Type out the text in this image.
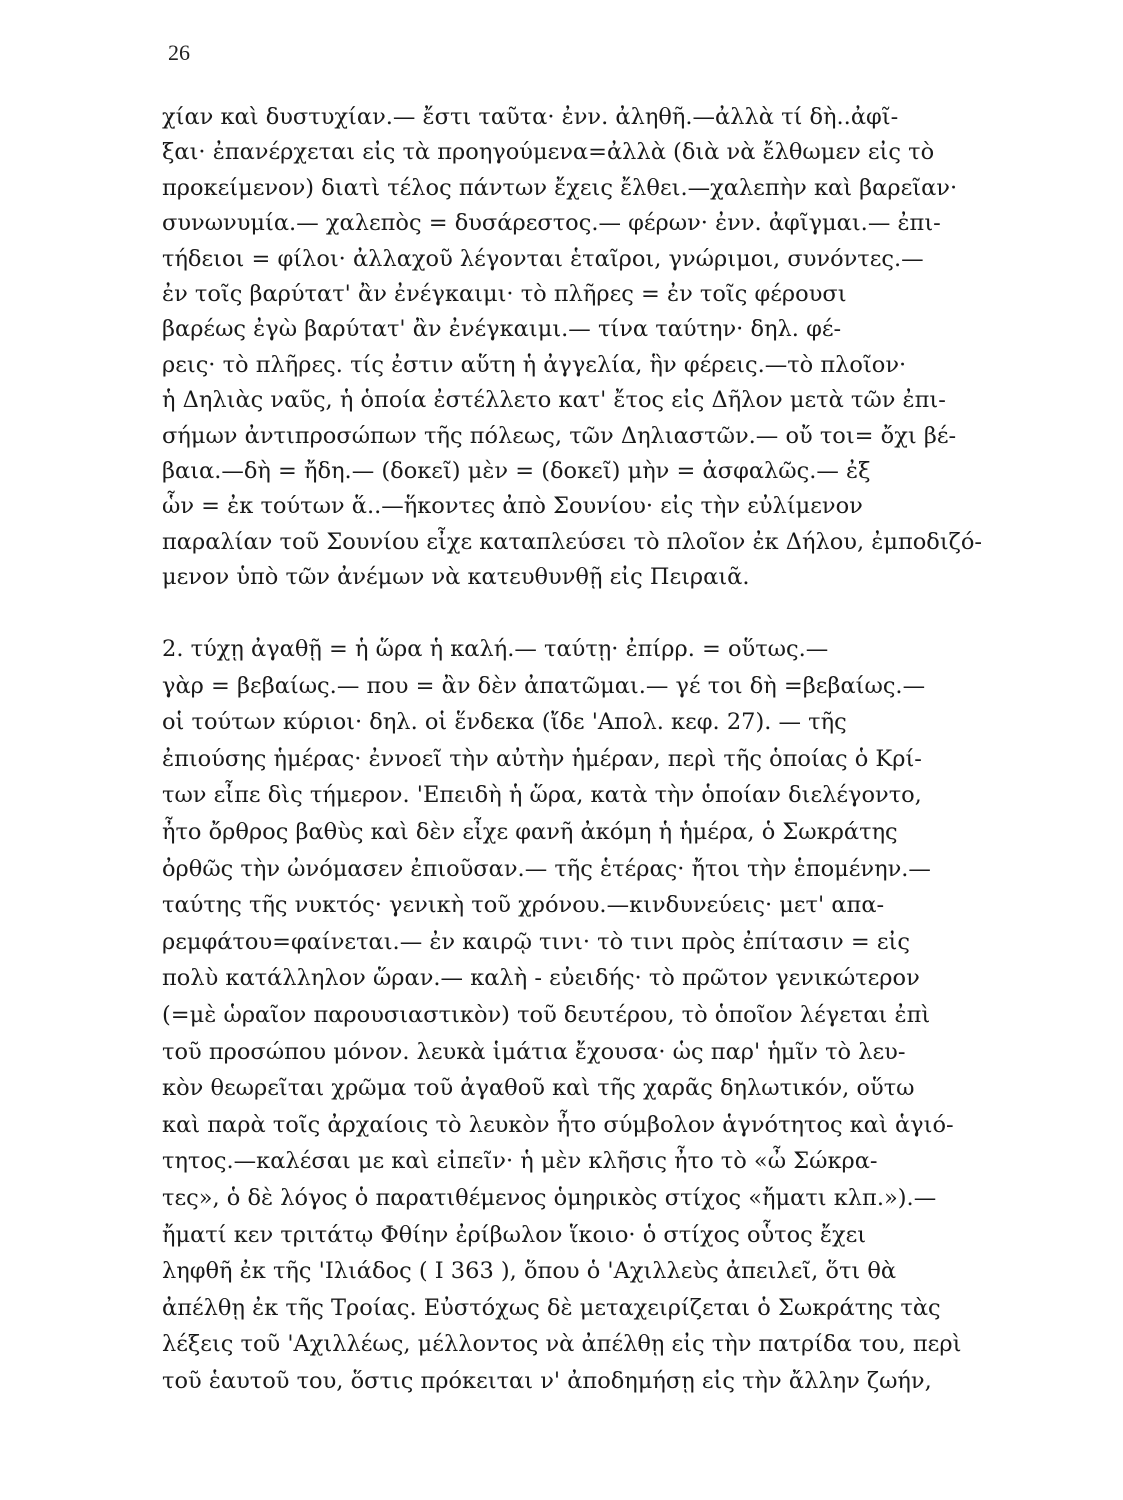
26
χίαν καὶ δυστυχίαν.— ἔστι ταῦτα· ἐνν. ἀληθῆ.—ἀλλὰ τί δὴ..ἀφῖ-
ξαι· ἐπανέρχεται εἰς τὰ προηγούμενα=ἀλλὰ (διὰ νὰ ἔλθωμεν εἰς τὸ
προκείμενον) διατὶ τέλος πάντων ἔχεις ἔλθει.—χαλεπὴν καὶ βαρεῖαν·
συνωνυμία.— χαλεπὸς = δυσάρεστος.— φέρων· ἐνν. ἀφῖγμαι.— ἐπι-
τήδειοι = φίλοι· ἀλλαχοῦ λέγονται ἑταῖροι, γνώριμοι, συνόντες.—
ἐν τοῖς βαρύτατ' ἂν ἐνέγκαιμι· τὸ πλῆρες = ἐν τοῖς φέρουσι
βαρέως ἐγὼ βαρύτατ' ἂν ἐνέγκαιμι.— τίνα ταύτην· δηλ. φέ-
ρεις· τὸ πλῆρες. τίς ἐστιν αὕτη ἡ ἀγγελία, ἣν φέρεις.—τὸ πλοῖον·
ἡ Δηλιὰς ναῦς, ἡ ὁποία ἐστέλλετο κατ' ἔτος εἰς Δῆλον μετὰ τῶν ἐπι-
σήμων ἀντιπροσώπων τῆς πόλεως, τῶν Δηλιαστῶν.— οὔ τοι= ὄχι βέ-
βαια.—δὴ = ἤδη.— (δοκεῖ) μὲν = (δοκεῖ) μὴν = ἀσφαλῶς.— ἐξ
ὧν = ἐκ τούτων ἅ..—ἥκοντες ἀπὸ Σουνίου· εἰς τὴν εὐλίμενον
παραλίαν τοῦ Σουνίου εἶχε καταπλεύσει τὸ πλοῖον ἐκ Δήλου, ἐμποδιζό-
μενον ὑπὸ τῶν ἀνέμων νὰ κατευθυνθῇ εἰς Πειραιᾶ.
2. τύχῃ ἀγαθῇ = ἡ ὥρα ἡ καλή.— ταύτῃ· ἐπίρρ. = οὕτως.—
γὰρ = βεβαίως.— που = ἂν δὲν ἀπατῶμαι.— γέ τοι δὴ =βεβαίως.—
οἱ τούτων κύριοι· δηλ. οἱ ἕνδεκα (ἴδε 'Απολ. κεφ. 27). — τῆς
ἐπιούσης ἡμέρας· ἐννοεῖ τὴν αὐτὴν ἡμέραν, περὶ τῆς ὁποίας ὁ Κρί-
των εἶπε δὶς τήμερον. 'Επειδὴ ἡ ὥρα, κατὰ τὴν ὁποίαν διελέγοντο,
ἦτο ὄρθρος βαθὺς καὶ δὲν εἶχε φανῆ ἀκόμη ἡ ἡμέρα, ὁ Σωκράτης
ὀρθῶς τὴν ὠνόμασεν ἐπιοῦσαν.— τῆς ἑτέρας· ἤτοι τὴν ἑπομένην.—
ταύτης τῆς νυκτός· γενικὴ τοῦ χρόνου.—κινδυνεύεις· μετ' απα-
ρεμφάτου=φαίνεται.— ἐν καιρῷ τινι· τὸ τινι πρὸς ἐπίτασιν = εἰς
πολὺ κατάλληλον ὥραν.— καλὴ - εὐειδής· τὸ πρῶτον γενικώτερον
(=μὲ ὡραῖον παρουσιαστικὸν) τοῦ δευτέρου, τὸ ὁποῖον λέγεται ἐπὶ
τοῦ προσώπου μόνον. λευκὰ ἱμάτια ἔχουσα· ὡς παρ' ἡμῖν τὸ λευ-
κὸν θεωρεῖται χρῶμα τοῦ ἀγαθοῦ καὶ τῆς χαρᾶς δηλωτικόν, οὕτω
καὶ παρὰ τοῖς ἀρχαίοις τὸ λευκὸν ἦτο σύμβολον ἁγνότητος καὶ ἁγιό-
τητος.—καλέσαι με καὶ εἰπεῖν· ἡ μὲν κλῆσις ἦτο τὸ «ὦ Σώκρα-
τες», ὁ δὲ λόγος ὁ παρατιθέμενος ὁμηρικὸς στίχος «ἤματι κλπ.»).—
ἤματί κεν τριτάτῳ Φθίην ἐρίβωλον ἵκοιο· ὁ στίχος οὗτος ἔχει
ληφθῆ ἐκ τῆς 'Ιλιάδος ( Ι 363 ), ὅπου ὁ 'Αχιλλεὺς ἀπειλεῖ, ὅτι θὰ
ἀπέλθῃ ἐκ τῆς Τροίας. Εὐστόχως δὲ μεταχειρίζεται ὁ Σωκράτης τὰς
λέξεις τοῦ 'Αχιλλέως, μέλλοντος νὰ ἀπέλθῃ εἰς τὴν πατρίδα του, περὶ
τοῦ ἑαυτοῦ του, ὅστις πρόκειται ν' ἀποδημήσῃ εἰς τὴν ἄλλην ζωήν,
